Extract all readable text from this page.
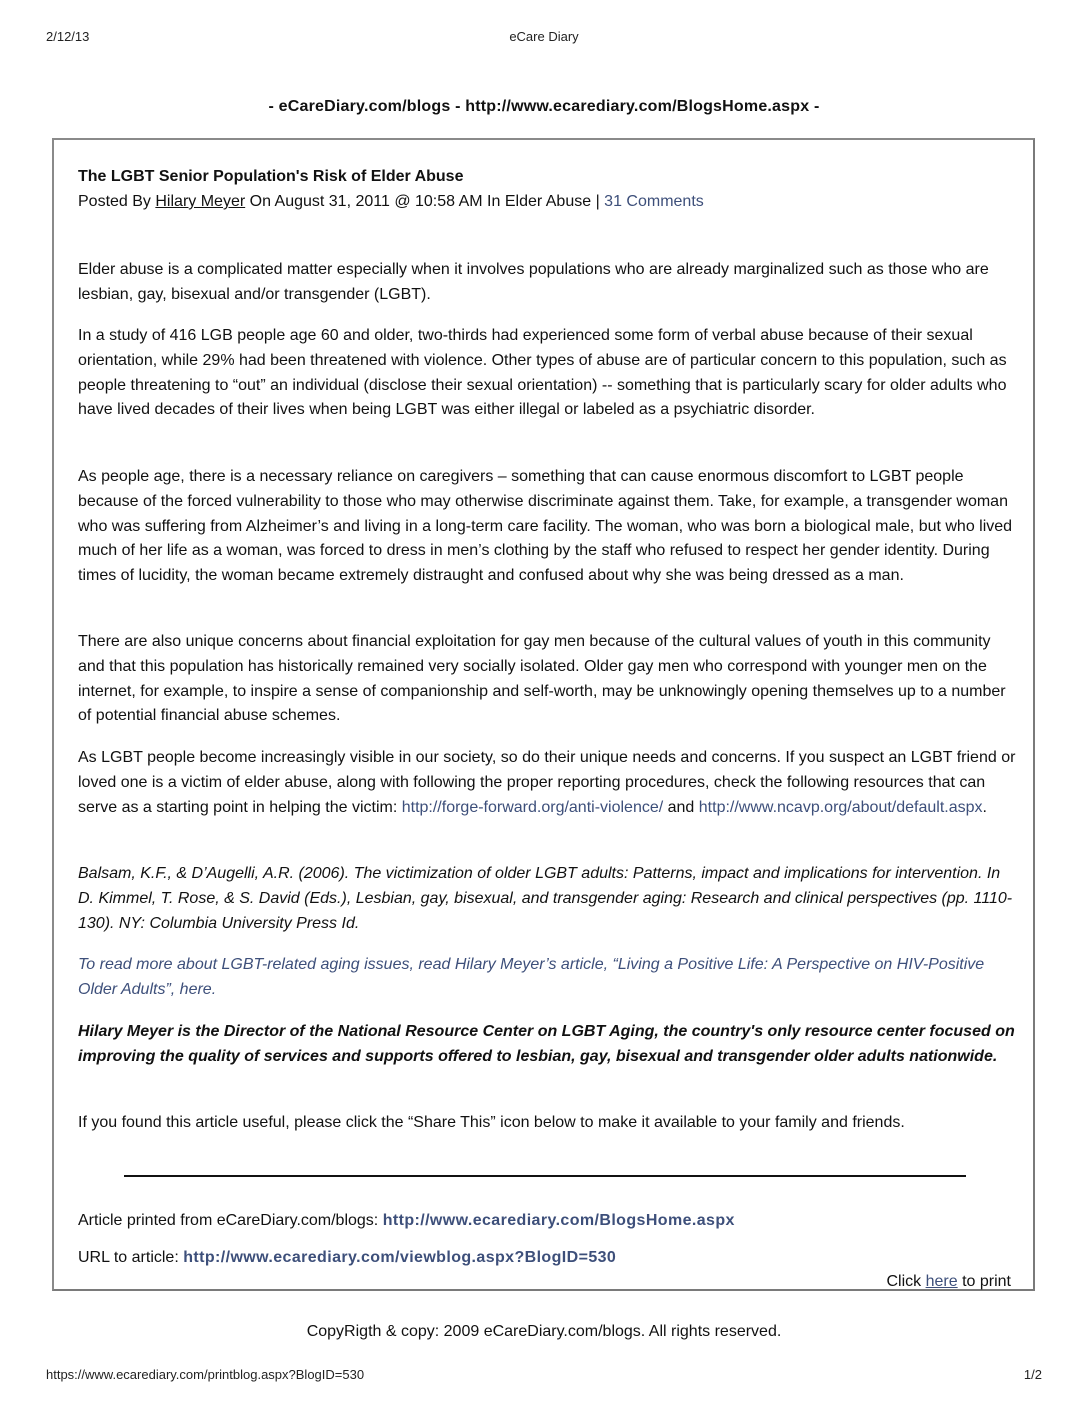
2/12/13	eCare Diary
- eCareDiary.com/blogs - http://www.ecarediary.com/BlogsHome.aspx -
The LGBT Senior Population's Risk of Elder Abuse
Posted By Hilary Meyer On August 31, 2011 @ 10:58 AM In Elder Abuse | 31 Comments

Elder abuse is a complicated matter especially when it involves populations who are already marginalized such as those who are lesbian, gay, bisexual and/or transgender (LGBT).

In a study of 416 LGB people age 60 and older, two-thirds had experienced some form of verbal abuse because of their sexual orientation, while 29% had been threatened with violence. Other types of abuse are of particular concern to this population, such as people threatening to “out” an individual (disclose their sexual orientation) -- something that is particularly scary for older adults who have lived decades of their lives when being LGBT was either illegal or labeled as a psychiatric disorder.

As people age, there is a necessary reliance on caregivers – something that can cause enormous discomfort to LGBT people because of the forced vulnerability to those who may otherwise discriminate against them. Take, for example, a transgender woman who was suffering from Alzheimer’s and living in a long-term care facility. The woman, who was born a biological male, but who lived much of her life as a woman, was forced to dress in men’s clothing by the staff who refused to respect her gender identity. During times of lucidity, the woman became extremely distraught and confused about why she was being dressed as a man.

There are also unique concerns about financial exploitation for gay men because of the cultural values of youth in this community and that this population has historically remained very socially isolated. Older gay men who correspond with younger men on the internet, for example, to inspire a sense of companionship and self-worth, may be unknowingly opening themselves up to a number of potential financial abuse schemes.

As LGBT people become increasingly visible in our society, so do their unique needs and concerns. If you suspect an LGBT friend or loved one is a victim of elder abuse, along with following the proper reporting procedures, check the following resources that can serve as a starting point in helping the victim: http://forge-forward.org/anti-violence/ and http://www.ncavp.org/about/default.aspx.

Balsam, K.F., & D’Augelli, A.R. (2006). The victimization of older LGBT adults: Patterns, impact and implications for intervention. In D. Kimmel, T. Rose, & S. David (Eds.), Lesbian, gay, bisexual, and transgender aging: Research and clinical perspectives (pp. 1110-130). NY: Columbia University Press Id.

To read more about LGBT-related aging issues, read Hilary Meyer’s article, “Living a Positive Life: A Perspective on HIV-Positive Older Adults”, here.

Hilary Meyer is the Director of the National Resource Center on LGBT Aging, the country's only resource center focused on improving the quality of services and supports offered to lesbian, gay, bisexual and transgender older adults nationwide.

If you found this article useful, please click the “Share This” icon below to make it available to your family and friends.

Article printed from eCareDiary.com/blogs: http://www.ecarediary.com/BlogsHome.aspx
URL to article: http://www.ecarediary.com/viewblog.aspx?BlogID=530
Click here to print
CopyRigth & copy: 2009 eCareDiary.com/blogs. All rights reserved.
https://www.ecarediary.com/printblog.aspx?BlogID=530	1/2
